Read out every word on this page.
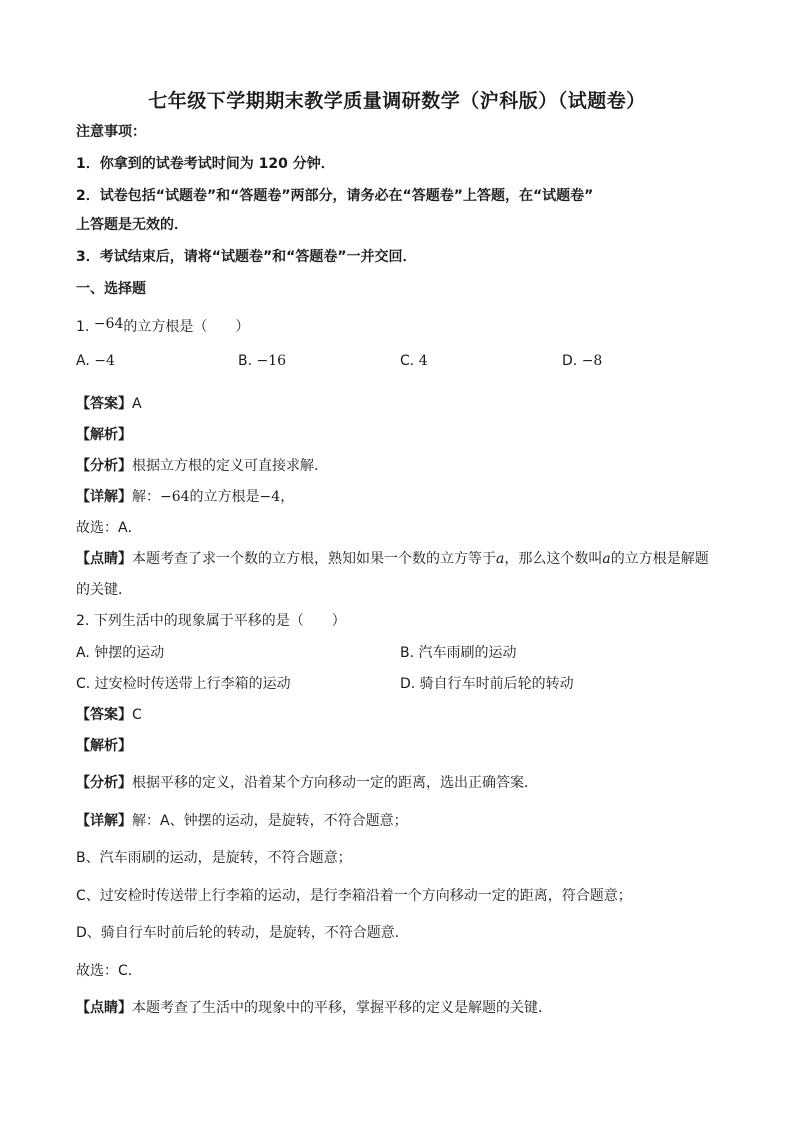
七年级下学期期末教学质量调研数学（沪科版）（试题卷）
注意事项：
1．你拿到的试卷考试时间为 120 分钟．
2．试卷包括“试题卷”和“答题卷”两部分，请务必在“答题卷”上答题，在“试题卷”
上答题是无效的．
3．考试结束后，请将“试题卷”和“答题卷”一并交回．
一、选择题
1. −64的立方根是（　　）
A. −4	B. −16	C. 4	D. −8
【答案】A
【解析】
【分析】根据立方根的定义可直接求解．
【详解】解：−64的立方根是−4，
故选：A．
【点睛】本题考查了求一个数的立方根，熟知如果一个数的立方等于a，那么这个数叫a的立方根是解题
的关键．
2. 下列生活中的现象属于平移的是（　　）
A. 钟摆的运动	B. 汽车雨刷的运动
C. 过安检时传送带上行李箱的运动	D. 骑自行车时前后轮的转动
【答案】C
【解析】
【分析】根据平移的定义，沿着某个方向移动一定的距离，选出正确答案．
【详解】解：A、钟摆的运动，是旋转，不符合题意；
B、汽车雨刷的运动，是旋转，不符合题意；
C、过安检时传送带上行李箱的运动，是行李箱沿着一个方向移动一定的距离，符合题意；
D、骑自行车时前后轮的转动，是旋转，不符合题意．
故选：C．
【点睛】本题考查了生活中的现象中的平移，掌握平移的定义是解题的关键．
